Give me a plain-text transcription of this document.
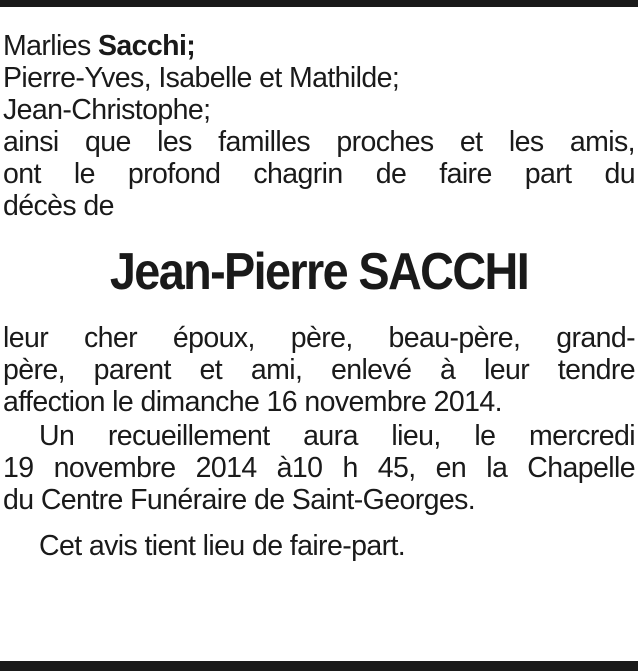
Marlies Sacchi;
Pierre-Yves, Isabelle et Mathilde;
Jean-Christophe;
ainsi que les familles proches et les amis,
ont le profond chagrin de faire part du
décès de
Jean-Pierre SACCHI
leur cher époux, père, beau-père, grand-
père, parent et ami, enlevé à leur tendre
affection le dimanche 16 novembre 2014.
Un recueillement aura lieu, le mercredi
19 novembre 2014 à10 h 45, en la Chapelle
du Centre Funéraire de Saint-Georges.
Cet avis tient lieu de faire-part.
